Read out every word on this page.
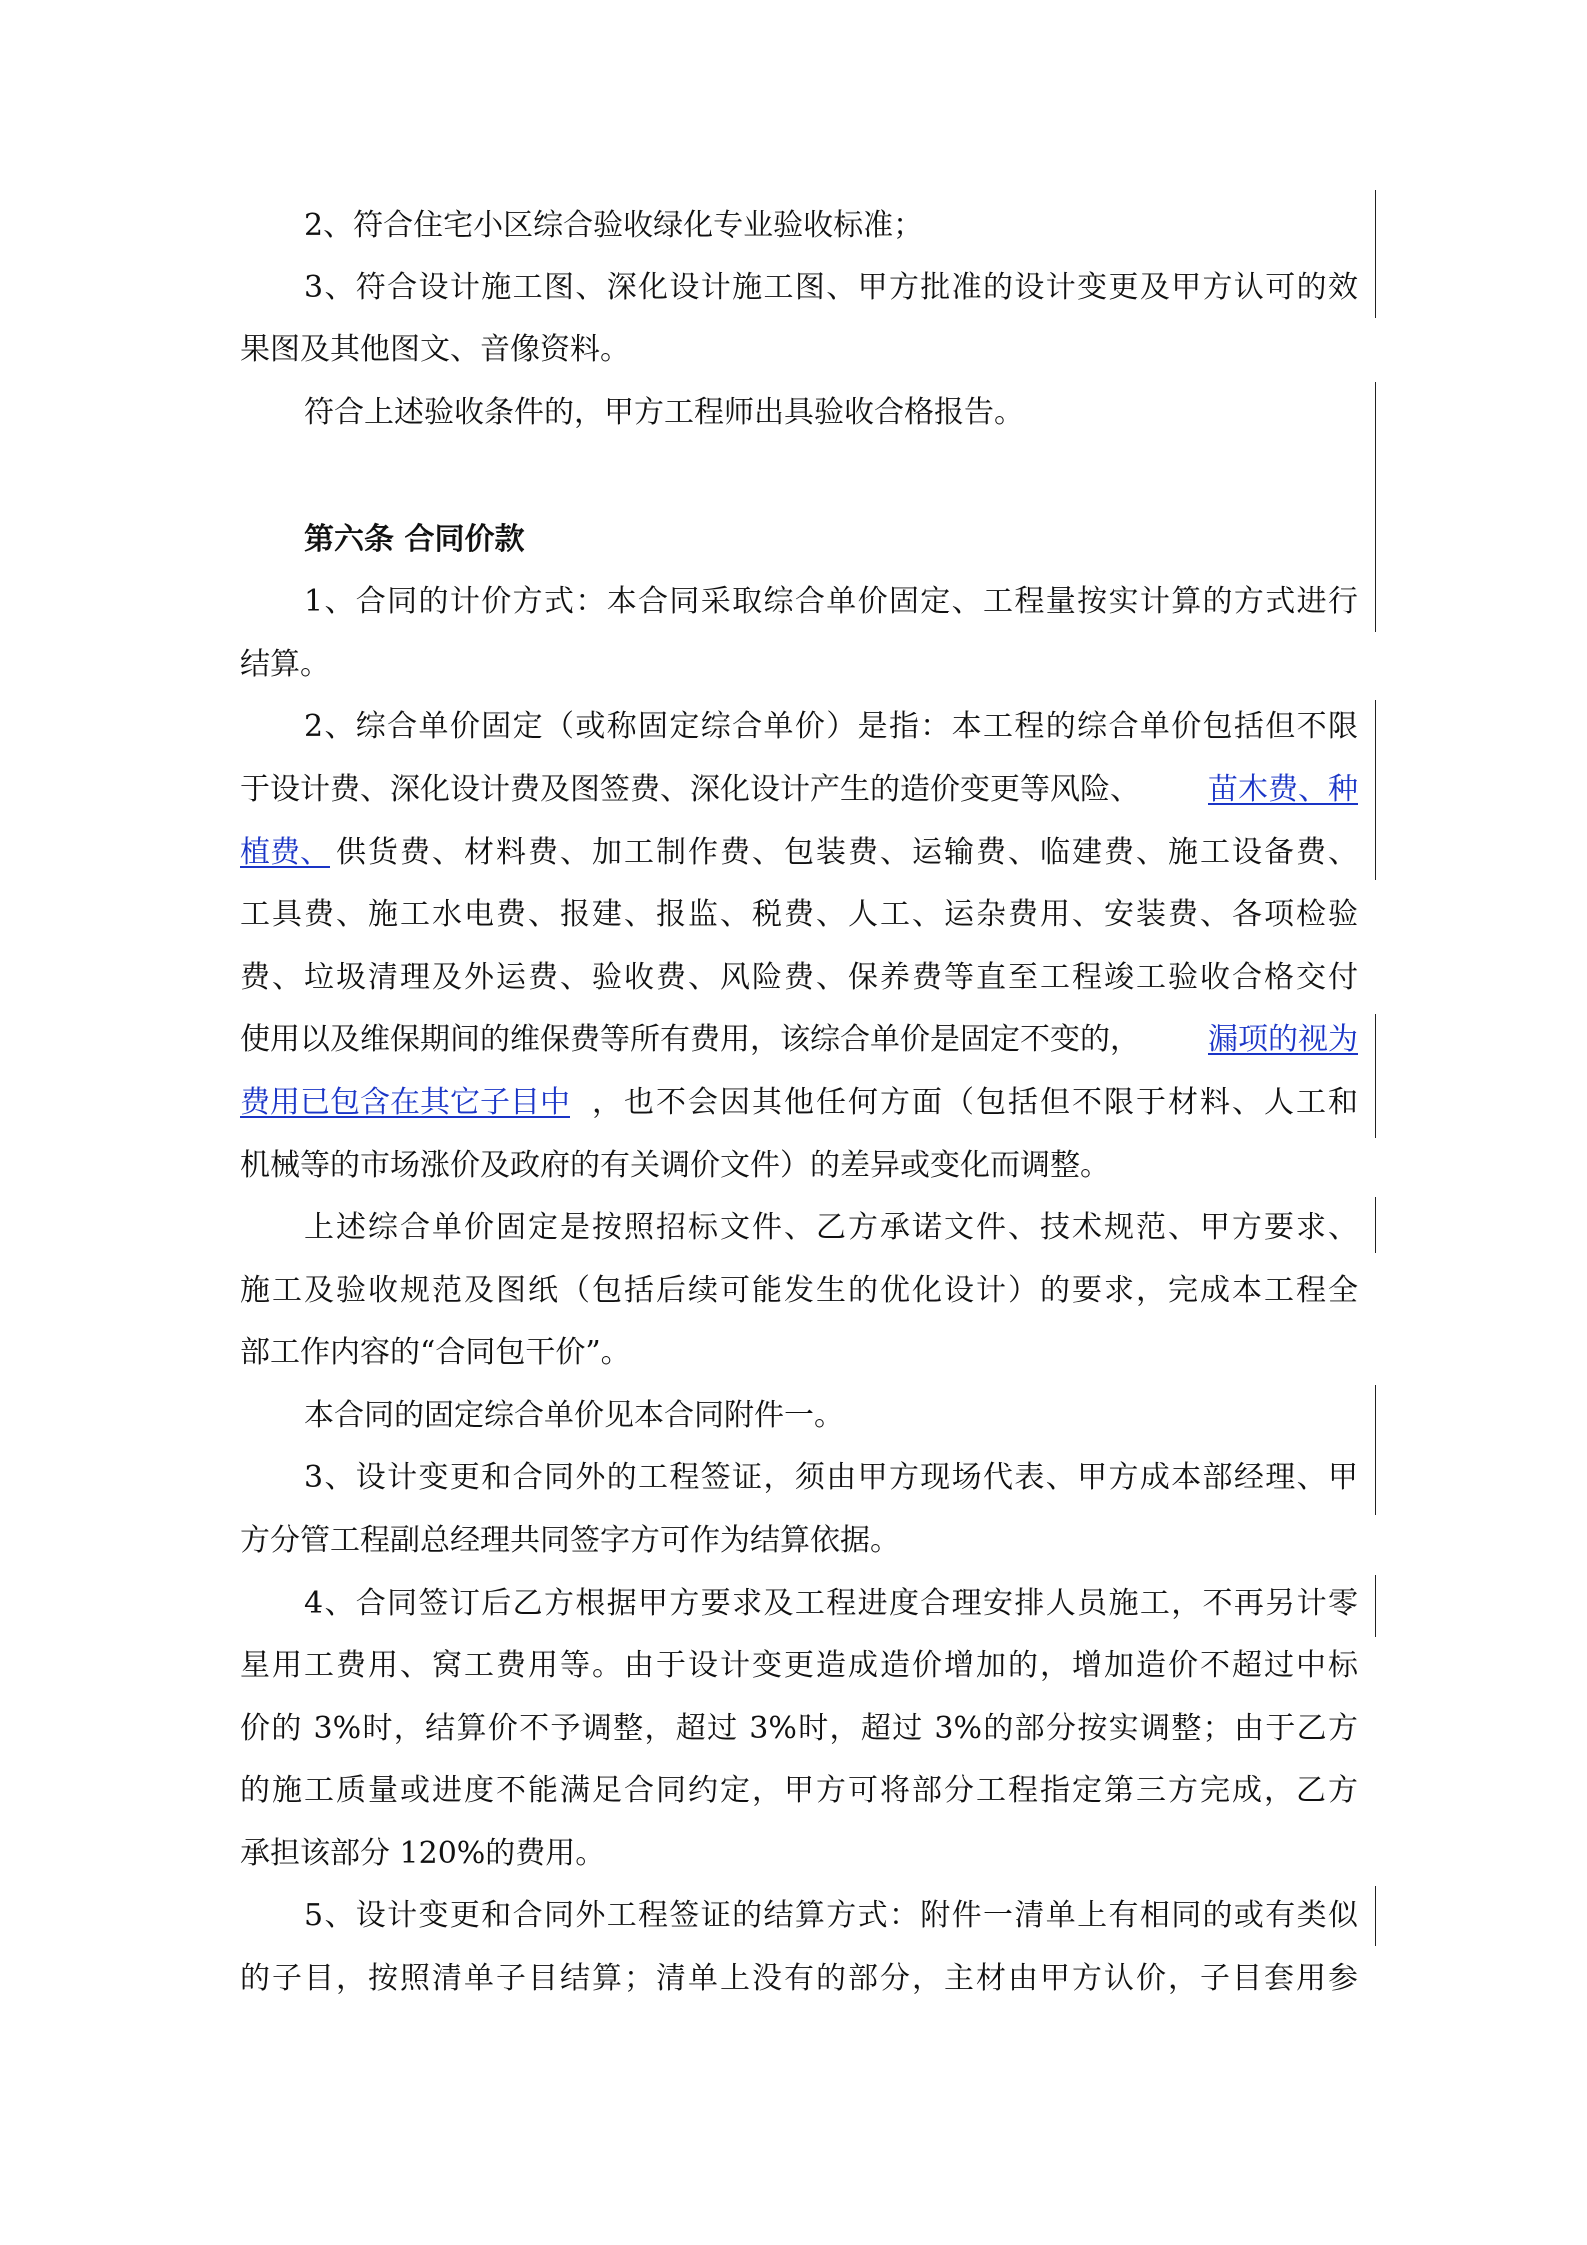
2、符合住宅小区综合验收绿化专业验收标准；
3、符合设计施工图、深化设计施工图、甲方批准的设计变更及甲方认可的效
果图及其他图文、音像资料。
符合上述验收条件的，甲方工程师出具验收合格报告。
第六条 合同价款
1、合同的计价方式：本合同采取综合单价固定、工程量按实计算的方式进行
结算。
2、综合单价固定（或称固定综合单价）是指：本工程的综合单价包括但不限
于设计费、深化设计费及图签费、深化设计产生的造价变更等风险、 苗木费、种
植费、 供货费、材料费、加工制作费、包装费、运输费、临建费、施工设备费、
工具费、施工水电费、报建、报监、税费、人工、运杂费用、安装费、各项检验
费、垃圾清理及外运费、验收费、风险费、保养费等直至工程竣工验收合格交付
使用以及维保期间的维保费等所有费用，该综合单价是固定不变的， 漏项的视为
费用已包含在其它子目中 ，也不会因其他任何方面（包括但不限于材料、人工和
机械等的市场涨价及政府的有关调价文件）的差异或变化而调整。
上述综合单价固定是按照招标文件、乙方承诺文件、技术规范、甲方要求、
施工及验收规范及图纸（包括后续可能发生的优化设计）的要求，完成本工程全
部工作内容的“合同包干价”。
本合同的固定综合单价见本合同附件一。
3、设计变更和合同外的工程签证，须由甲方现场代表、甲方成本部经理、甲
方分管工程副总经理共同签字方可作为结算依据。
4、合同签订后乙方根据甲方要求及工程进度合理安排人员施工，不再另计零
星用工费用、窝工费用等。由于设计变更造成造价增加的，增加造价不超过中标
价的 3%时，结算价不予调整，超过 3%时，超过 3%的部分按实调整；由于乙方
的施工质量或进度不能满足合同约定，甲方可将部分工程指定第三方完成，乙方
承担该部分 120%的费用。
5、设计变更和合同外工程签证的结算方式：附件一清单上有相同的或有类似
的子目，按照清单子目结算；清单上没有的部分，主材由甲方认价，子目套用参
